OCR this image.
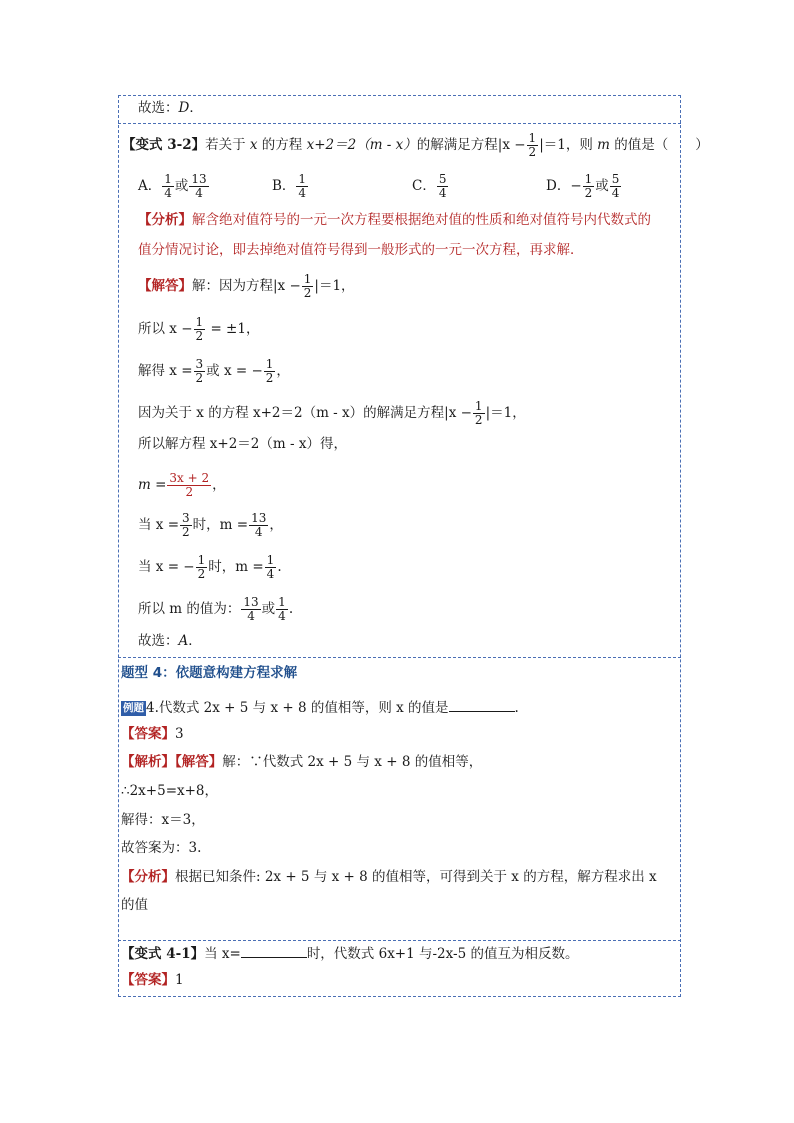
故选：D．
【变式 3-2】若关于 x 的方程 x+2＝2（m - x）的解满足方程$|x - \frac{1}{2} |=1$，则 m 的值是（　　）
A． $\frac{1}{4}$ 或 $\frac{13}{4}$	B． $\frac{1}{4}$	C． $\frac{5}{4}$	D．− $\frac{1}{2}$ 或 $\frac{5}{4}$
【分析】解含绝对值符号的一元一次方程要根据绝对值的性质和绝对值符号内代数式的
值分情况讨论，即去掉绝对值符号得到一般形式的一元一次方程，再求解．
【解答】解：因为方程$|x - \frac{1}{2} |=1$，
所以 $x - \frac{1}{2} = \pm 1$，
解得 $x = \frac{3}{2}$ 或 x = − $\frac{1}{2}$ ，
因为关于 x 的方程 x+2＝2（m - x）的解满足方程$|x - \frac{1}{2} |=1$，
所以解方程 x+2＝2（m - x）得，
$m = \frac{3x + 2}{2}$ ，
当 $x = \frac{3}{2}$ 时，$m = \frac{13}{4}$ ，
当 x = − $\frac{1}{2}$ 时，$m = \frac{1}{4}$ .
所以 m 的值为： $\frac{13}{4}$ 或 $\frac{1}{4}$ .
故选：A．
题型 4：依题意构建方程求解
例题 4.代数式 2x + 5 与 x + 8 的值相等，则 x 的值是	.
【答案】3
【解析】【解答】解：∵代数式 2x + 5 与 x + 8 的值相等，
∴2x+5=x+8，
解得：x＝3，
故答案为：3.
【分析】根据已知条件: 2x + 5 与 x + 8 的值相等，可得到关于 x 的方程，解方程求出 x
的值
【变式 4-1】当 x=	时，代数式 6x+1 与-2x-5 的值互为相反数。
【答案】1
